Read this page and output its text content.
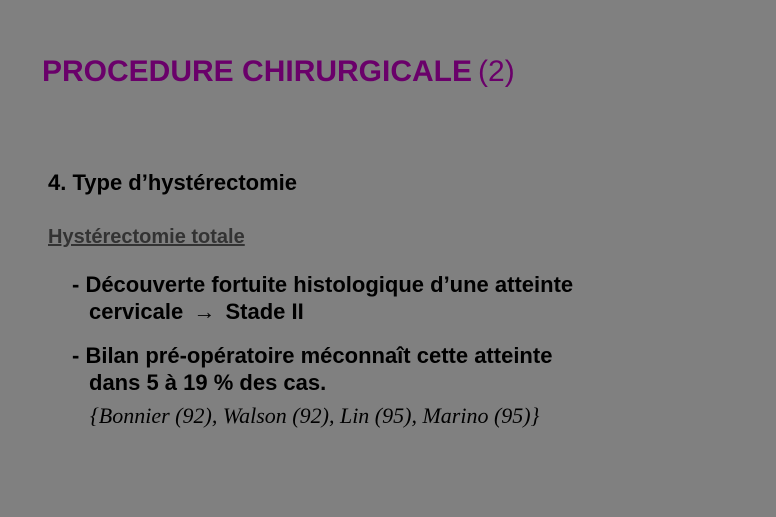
PROCEDURE CHIRURGICALE (2)
4. Type d’hystérectomie
Hystérectomie totale
- Découverte fortuite histologique d’une atteinte
cervicale → Stade II
- Bilan pré-opératoire méconnaît cette atteinte
dans 5 à 19 % des cas.
{Bonnier (92), Walson (92), Lin (95), Marino (95)}
